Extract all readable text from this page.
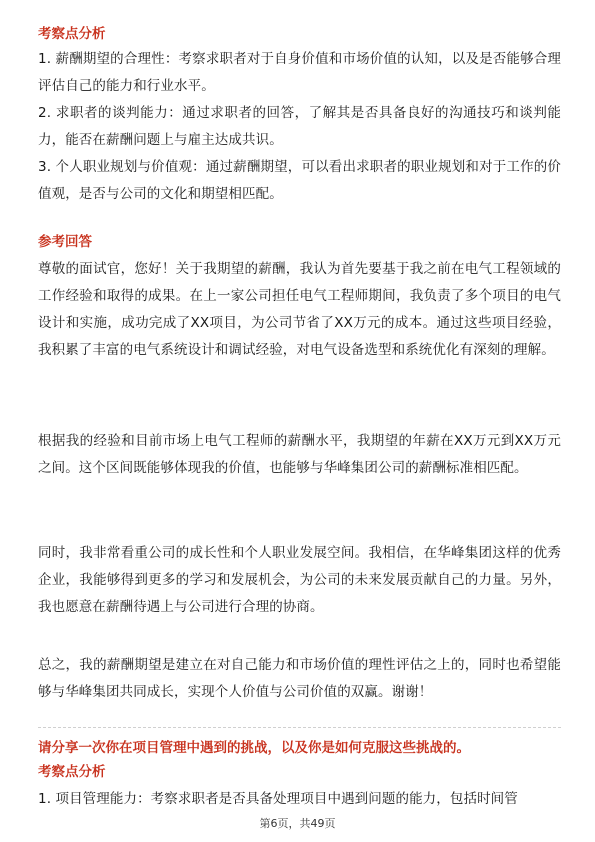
考察点分析

1. 薪酬期望的合理性：考察求职者对于自身价值和市场价值的认知，以及是否能够合理评估自己的能力和行业水平。

2. 求职者的谈判能力：通过求职者的回答，了解其是否具备良好的沟通技巧和谈判能力，能否在薪酬问题上与雇主达成共识。

3. 个人职业规划与价值观：通过薪酬期望，可以看出求职者的职业规划和对于工作的价值观，是否与公司的文化和期望相匹配。

参考回答

尊敬的面试官，您好！关于我期望的薪酬，我认为首先要基于我之前在电气工程领域的工作经验和取得的成果。在上一家公司担任电气工程师期间，我负责了多个项目的电气设计和实施，成功完成了XX项目，为公司节省了XX万元的成本。通过这些项目经验，我积累了丰富的电气系统设计和调试经验，对电气设备选型和系统优化有深刻的理解。

根据我的经验和目前市场上电气工程师的薪酬水平，我期望的年薪在XX万元到XX万元之间。这个区间既能够体现我的价值，也能够与华峰集团公司的薪酬标准相匹配。

同时，我非常看重公司的成长性和个人职业发展空间。我相信，在华峰集团这样的优秀企业，我能够得到更多的学习和发展机会，为公司的未来发展贡献自己的力量。另外，我也愿意在薪酬待遇上与公司进行合理的协商。

总之，我的薪酬期望是建立在对自己能力和市场价值的理性评估之上的，同时也希望能够与华峰集团共同成长，实现个人价值与公司价值的双赢。谢谢！

请分享一次你在项目管理中遇到的挑战，以及你是如何克服这些挑战的。

考察点分析

1. 项目管理能力：考察求职者是否具备处理项目中遇到问题的能力，包括时间管

第6页，共49页
